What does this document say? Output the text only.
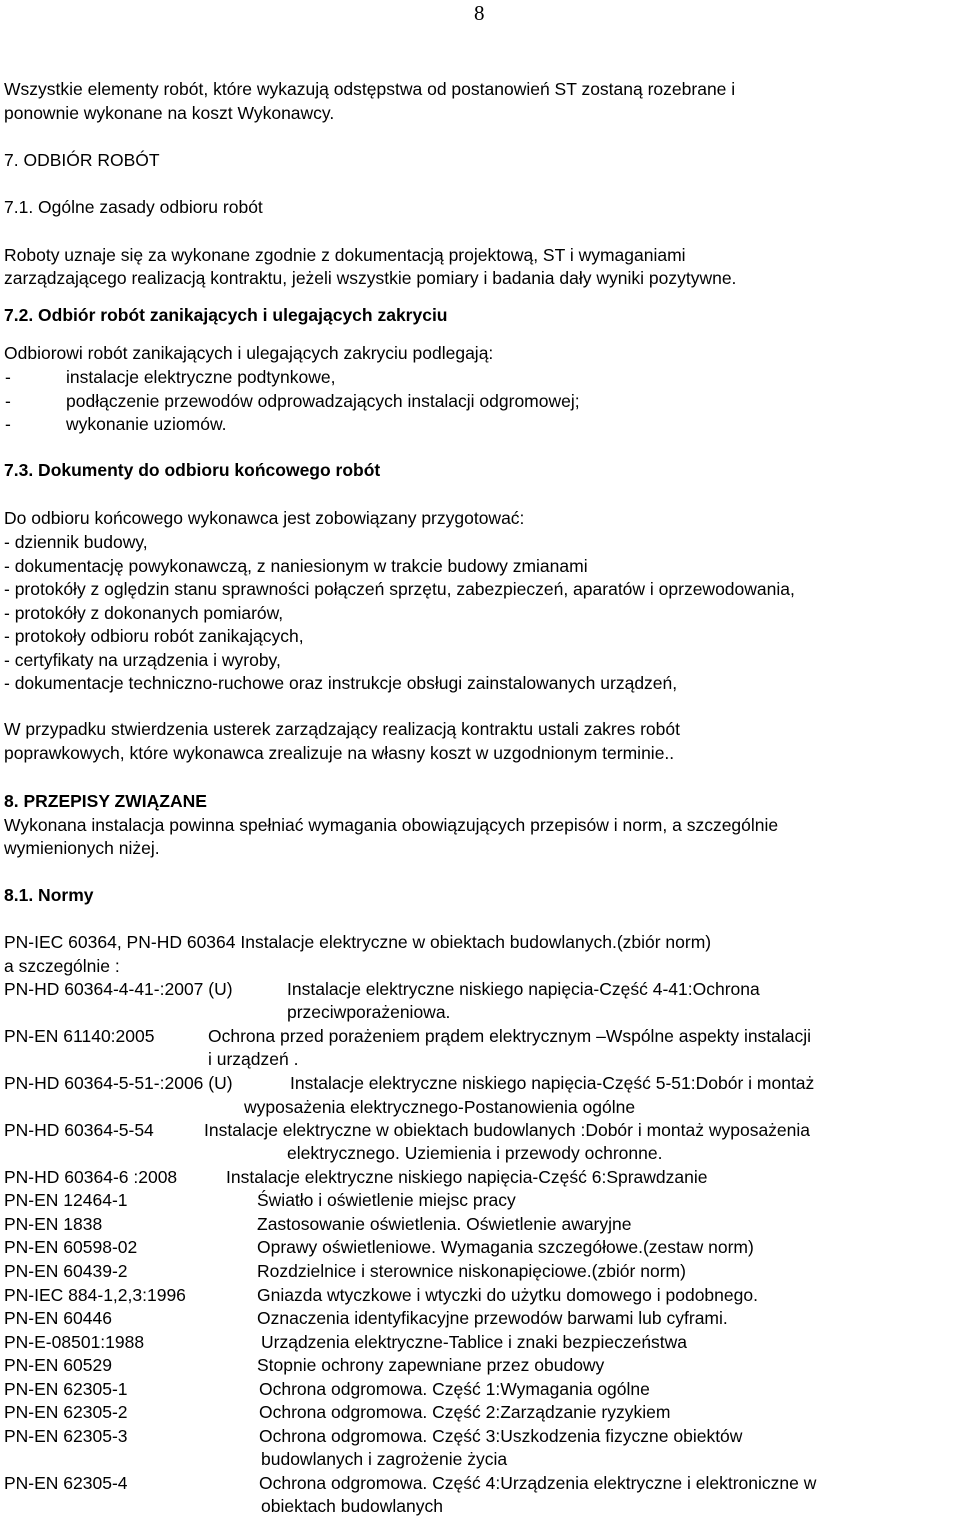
8
Wszystkie elementy robót, które wykazują odstępstwa od postanowień ST zostaną rozebrane i
ponownie wykonane na koszt Wykonawcy.
7. ODBIÓR ROBÓT
7.1. Ogólne zasady odbioru robót
Roboty uznaje się za wykonane zgodnie z dokumentacją projektową, ST i wymaganiami
zarządzającego realizacją kontraktu, jeżeli wszystkie pomiary i badania dały wyniki pozytywne.
7.2. Odbiór robót zanikających i ulegających zakryciu
Odbiorowi robót zanikających i ulegających zakryciu podlegają:
-	instalacje elektryczne podtynkowe,
-	podłączenie przewodów odprowadzających instalacji odgromowej;
-	wykonanie uziomów.
7.3. Dokumenty do odbioru końcowego robót
Do odbioru końcowego wykonawca jest zobowiązany przygotować:
- dziennik budowy,
- dokumentację powykonawczą, z naniesionym w trakcie budowy zmianami
- protokóły z oględzin stanu sprawności połączeń sprzętu, zabezpieczeń, aparatów i oprzewodowania,
- protokóły z dokonanych pomiarów,
- protokoły odbioru robót zanikających,
- certyfikaty na urządzenia i wyroby,
- dokumentacje techniczno-ruchowe oraz instrukcje obsługi zainstalowanych urządzeń,
W przypadku stwierdzenia usterek zarządzający realizacją kontraktu ustali zakres robót
poprawkowych, które wykonawca zrealizuje na własny koszt w uzgodnionym terminie..
8. PRZEPISY ZWIĄZANE
Wykonana instalacja powinna spełniać wymagania obowiązujących przepisów i norm, a szczególnie
wymienionych niżej.
8.1. Normy
PN-IEC 60364, PN-HD 60364 Instalacje elektryczne w obiektach budowlanych.(zbiór norm)
a szczególnie :
PN-HD 60364-4-41-:2007 (U)	Instalacje elektryczne niskiego napięcia-Część 4-41:Ochrona
przeciwporażeniowa.
PN-EN 61140:2005	Ochrona przed porażeniem prądem elektrycznym –Wspólne aspekty instalacji
i urządzeń .
PN-HD 60364-5-51-:2006 (U)	Instalacje elektryczne niskiego napięcia-Część 5-51:Dobór i montaż
wyposażenia elektrycznego-Postanowienia ogólne
PN-HD 60364-5-54	Instalacje elektryczne w obiektach budowlanych :Dobór i montaż wyposażenia
elektrycznego. Uziemienia i przewody ochronne.
PN-HD 60364-6 :2008	Instalacje elektryczne niskiego napięcia-Część 6:Sprawdzanie
PN-EN 12464-1	Światło i oświetlenie miejsc pracy
PN-EN 1838	Zastosowanie oświetlenia. Oświetlenie awaryjne
PN-EN 60598-02	Oprawy oświetleniowe. Wymagania szczegółowe.(zestaw norm)
PN-EN 60439-2	Rozdzielnice i sterownice niskonapięciowe.(zbiór norm)
PN-IEC 884-1,2,3:1996	Gniazda wtyczkowe i wtyczki do użytku domowego i podobnego.
PN-EN 60446	Oznaczenia identyfikacyjne przewodów barwami lub cyframi.
PN-E-08501:1988	Urządzenia elektryczne-Tablice i znaki bezpieczeństwa
PN-EN 60529	Stopnie ochrony zapewniane przez obudowy
PN-EN 62305-1	Ochrona odgromowa. Część 1:Wymagania ogólne
PN-EN 62305-2	Ochrona odgromowa. Część 2:Zarządzanie ryzykiem
PN-EN 62305-3	Ochrona odgromowa. Część 3:Uszkodzenia fizyczne obiektów
budowlanych i zagrożenie życia
PN-EN 62305-4	Ochrona odgromowa. Część 4:Urządzenia elektryczne i elektroniczne w
obiektach budowlanych
